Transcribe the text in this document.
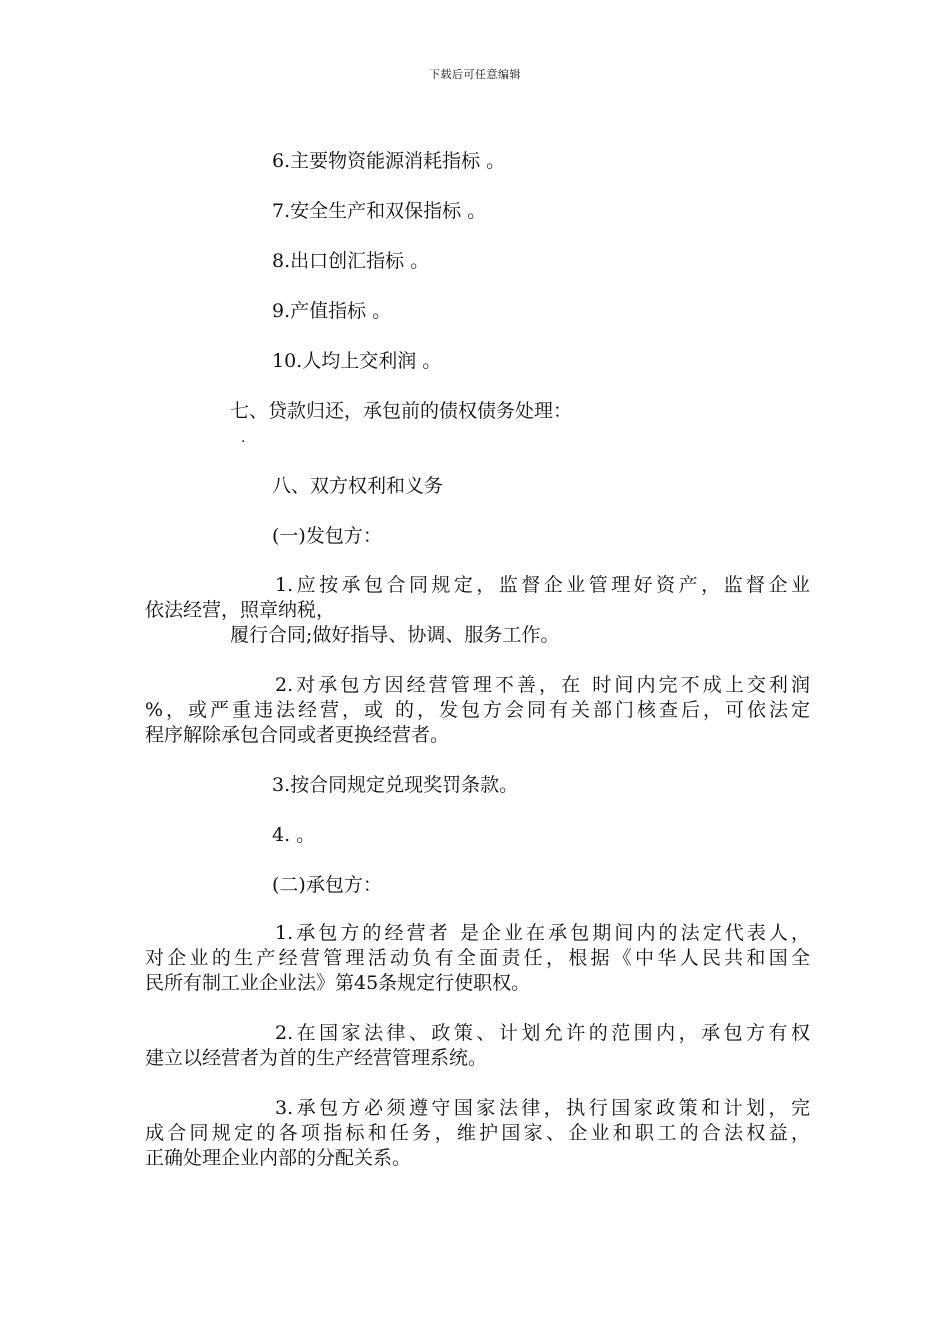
下载后可任意编辑
6.主要物资能源消耗指标 。
7.安全生产和双保指标 。
8.出口创汇指标 。
9.产值指标 。
10.人均上交利润 。
七、贷款归还，承包前的债权债务处理：
.
八、双方权利和义务
(一)发包方：

1.应按承包合同规定，监督企业管理好资产，监督企业

依法经营，照章纳税，

履行合同;做好指导、协调、服务工作。

2.对承包方因经营管理不善，在 时间内完不成上交利润

%，或严重违法经营，或 的，发包方会同有关部门核查后，可依法定

程序解除承包合同或者更换经营者。

3.按合同规定兑现奖罚条款。
4. 。
(二)承包方：

1.承包方的经营者 是企业在承包期间内的法定代表人，

对企业的生产经营管理活动负有全面责任，根据《中华人民共和国全

民所有制工业企业法》第45条规定行使职权。

2.在国家法律、政策、计划允许的范围内，承包方有权

建立以经营者为首的生产经营管理系统。

3.承包方必须遵守国家法律，执行国家政策和计划，完

成合同规定的各项指标和任务，维护国家、企业和职工的合法权益，

正确处理企业内部的分配关系。
